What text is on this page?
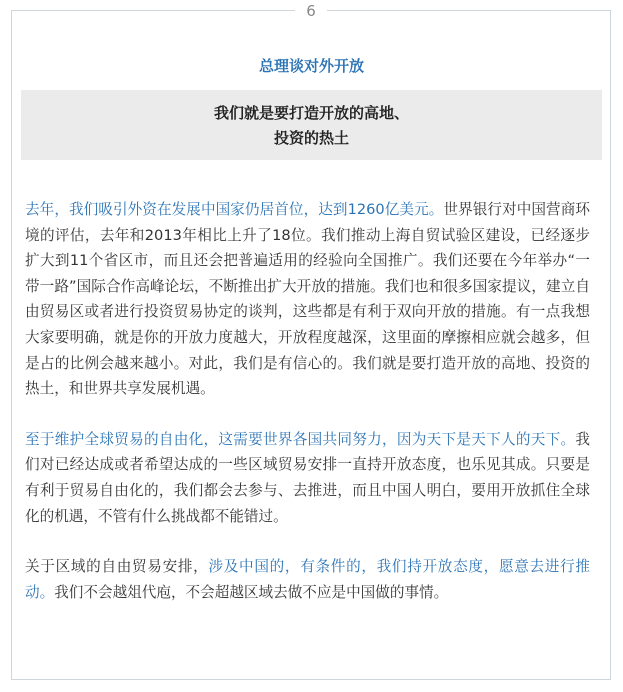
6
总理谈对外开放
我们就是要打造开放的高地、
投资的热土

去年，我们吸引外资在发展中国家仍居首位，达到1260亿美元。世界银行对中国营商环境的评估，去年和2013年相比上升了18位。我们推动上海自贸试验区建设，已经逐步扩大到11个省区市，而且还会把普遍适用的经验向全国推广。我们还要在今年举办“一带一路”国际合作高峰论坛，不断推出扩大开放的措施。我们也和很多国家提议，建立自由贸易区或者进行投资贸易协定的谈判，这些都是有利于双向开放的措施。有一点我想大家要明确，就是你的开放力度越大，开放程度越深，这里面的摩擦相应就会越多，但是占的比例会越来越小。对此，我们是有信心的。我们就是要打造开放的高地、投资的热土，和世界共享发展机遇。

至于维护全球贸易的自由化，这需要世界各国共同努力，因为天下是天下人的天下。我们对已经达成或者希望达成的一些区域贸易安排一直持开放态度，也乐见其成。只要是有利于贸易自由化的，我们都会去参与、去推进，而且中国人明白，要用开放抓住全球化的机遇，不管有什么挑战都不能错过。

关于区域的自由贸易安排，涉及中国的，有条件的，我们持开放态度，愿意去进行推动。我们不会越俎代庖，不会超越区域去做不应是中国做的事情。
